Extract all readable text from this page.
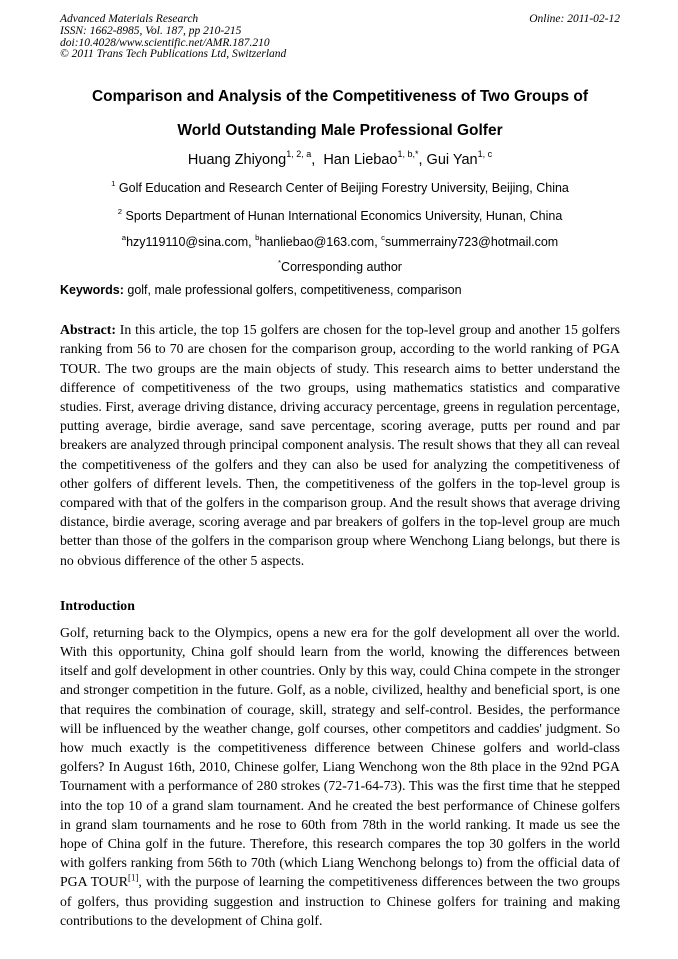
Advanced Materials Research
ISSN: 1662-8985, Vol. 187, pp 210-215
doi:10.4028/www.scientific.net/AMR.187.210
© 2011 Trans Tech Publications Ltd, Switzerland
Online: 2011-02-12
Comparison and Analysis of the Competitiveness of Two Groups of
World Outstanding Male Professional Golfer
Huang Zhiyong$^{1, 2, a}$,  Han Liebao$^{1, b,*}$, Gui Yan$^{1, c}$
$^1$ Golf Education and Research Center of Beijing Forestry University, Beijing, China
$^2$ Sports Department of Hunan International Economics University, Hunan, China
$^a$hzy119110@sina.com, $^b$hanliebao@163.com, $^c$summerrainy723@hotmail.com
*Corresponding author
Keywords: golf, male professional golfers, competitiveness, comparison

Abstract: In this article, the top 15 golfers are chosen for the top-level group and another 15 golfers ranking from 56 to 70 are chosen for the comparison group, according to the world ranking of PGA TOUR. The two groups are the main objects of study. This research aims to better understand the difference of competitiveness of the two groups, using mathematics statistics and comparative studies. First, average driving distance, driving accuracy percentage, greens in regulation percentage, putting average, birdie average, sand save percentage, scoring average, putts per round and par breakers are analyzed through principal component analysis. The result shows that they all can reveal the competitiveness of the golfers and they can also be used for analyzing the competitiveness of other golfers of different levels. Then, the competitiveness of the golfers in the top-level group is compared with that of the golfers in the comparison group. And the result shows that average driving distance, birdie average, scoring average and par breakers of golfers in the top-level group are much better than those of the golfers in the comparison group where Wenchong Liang belongs, but there is no obvious difference of the other 5 aspects.

Introduction

Golf, returning back to the Olympics, opens a new era for the golf development all over the world. With this opportunity, China golf should learn from the world, knowing the differences between itself and golf development in other countries. Only by this way, could China compete in the stronger and stronger competition in the future. Golf, as a noble, civilized, healthy and beneficial sport, is one that requires the combination of courage, skill, strategy and self-control. Besides, the performance will be influenced by the weather change, golf courses, other competitors and caddies' judgment. So how much exactly is the competitiveness difference between Chinese golfers and world-class golfers? In August 16th, 2010, Chinese golfer, Liang Wenchong won the 8th place in the 92nd PGA Tournament with a performance of 280 strokes (72-71-64-73). This was the first time that he stepped into the top 10 of a grand slam tournament. And he created the best performance of Chinese golfers in grand slam tournaments and he rose to 60th from 78th in the world ranking. It made us see the hope of China golf in the future. Therefore, this research compares the top 30 golfers in the world with golfers ranking from 56th to 70th (which Liang Wenchong belongs to) from the official data of PGA TOUR[1], with the purpose of learning the competitiveness differences between the two groups of golfers, thus providing suggestion and instruction to Chinese golfers for training and making contributions to the development of China golf.
